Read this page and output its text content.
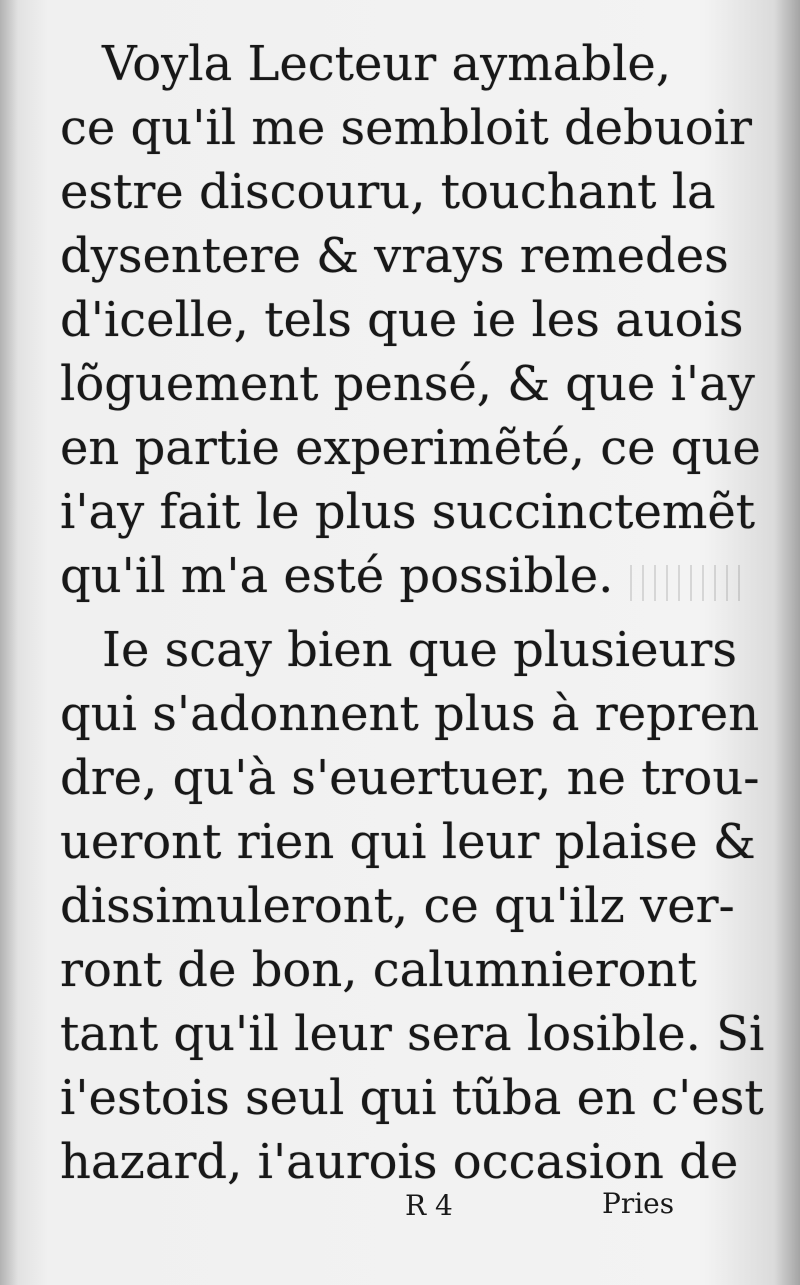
Voyla Lecteur aymable,
ce qu'il me sembloit debuoir
estre discouru, touchant la
dysentere & vrays remedes
d'icelle, tels que ie les auois
lõguement pensé, & que i'ay
en partie experimẽté, ce que
i'ay fait le plus succinctemẽt
qu'il m'a esté possible.
Ie scay bien que plusieurs
qui s'adonnent plus à repren
dre, qu'à s'euertuer, ne trou-
ueront rien qui leur plaise &
dissimuleront, ce qu'ilz ver-
ront de bon, calumnieront
tant qu'il leur sera losible. Si
i'estois seul qui tũba en c'est
hazard, i'aurois occasion de
R 4	Pries
